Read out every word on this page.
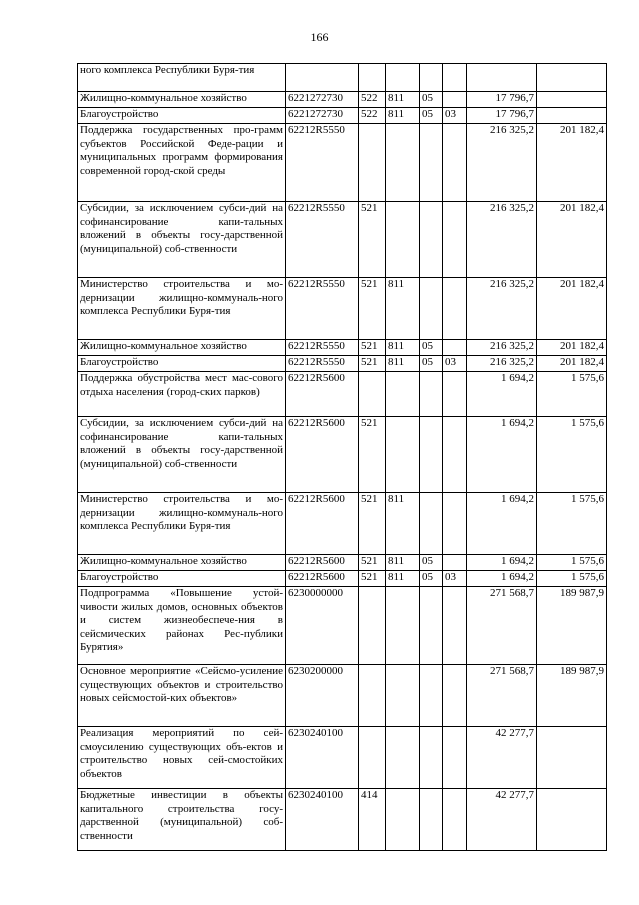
166
ного комплекса Республики Буря-тия							
Жилищно-коммунальное хозяйство	6221272730	522	811	05		17 796,7	
Благоустройство	6221272730	522	811	05	03	17 796,7	
Поддержка государственных про-грамм субъектов Российской Феде-рации и муниципальных программ формирования современной город-ской среды	62212R5550					216 325,2	201 182,4
Субсидии, за исключением субси-дий на софинансирование капи-тальных вложений в объекты госу-дарственной (муниципальной) соб-ственности	62212R5550	521				216 325,2	201 182,4
Министерство строительства и мо-дернизации жилищно-коммуналь-ного комплекса Республики Буря-тия	62212R5550	521	811			216 325,2	201 182,4
Жилищно-коммунальное хозяйство	62212R5550	521	811	05		216 325,2	201 182,4
Благоустройство	62212R5550	521	811	05	03	216 325,2	201 182,4
Поддержка обустройства мест мас-сового отдыха населения (город-ских парков)	62212R5600					1 694,2	1 575,6
Субсидии, за исключением субси-дий на софинансирование капи-тальных вложений в объекты госу-дарственной (муниципальной) соб-ственности	62212R5600	521				1 694,2	1 575,6
Министерство строительства и мо-дернизации жилищно-коммуналь-ного комплекса Республики Буря-тия	62212R5600	521	811			1 694,2	1 575,6
Жилищно-коммунальное хозяйство	62212R5600	521	811	05		1 694,2	1 575,6
Благоустройство	62212R5600	521	811	05	03	1 694,2	1 575,6
Подпрограмма «Повышение устой-чивости жилых домов, основных объектов и систем жизнеобеспече-ния в сейсмических районах Рес-публики Бурятия»	6230000000					271 568,7	189 987,9
Основное мероприятие «Сейсмо-усиление существующих объектов и строительство новых сейсмостой-ких объектов»	6230200000					271 568,7	189 987,9
Реализация мероприятий по сей-смоусилению существующих объ-ектов и строительство новых сей-смостойких объектов	6230240100					42 277,7	
Бюджетные инвестиции в объекты капитального строительства госу-дарственной (муниципальной) соб-ственности	6230240100	414				42 277,7	
